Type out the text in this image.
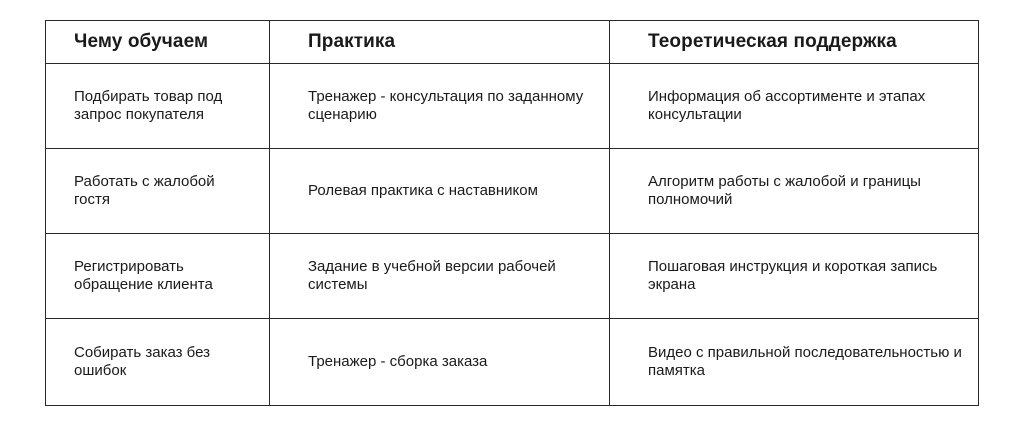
Чему обучаем	Практика	Теоретическая поддержка

Подбирать товар под запрос покупателя	Тренажер - консультация по заданному сценарию	Информация об ассортименте и этапах консультации

Работать с жалобой гостя	Ролевая практика с наставником	Алгоритм работы с жалобой и границы полномочий

Регистрировать обращение клиента	Задание в учебной версии рабочей системы	Пошаговая инструкция и короткая запись экрана

Собирать заказ без ошибок	Тренажер - сборка заказа	Видео с правильной последовательностью и памятка
